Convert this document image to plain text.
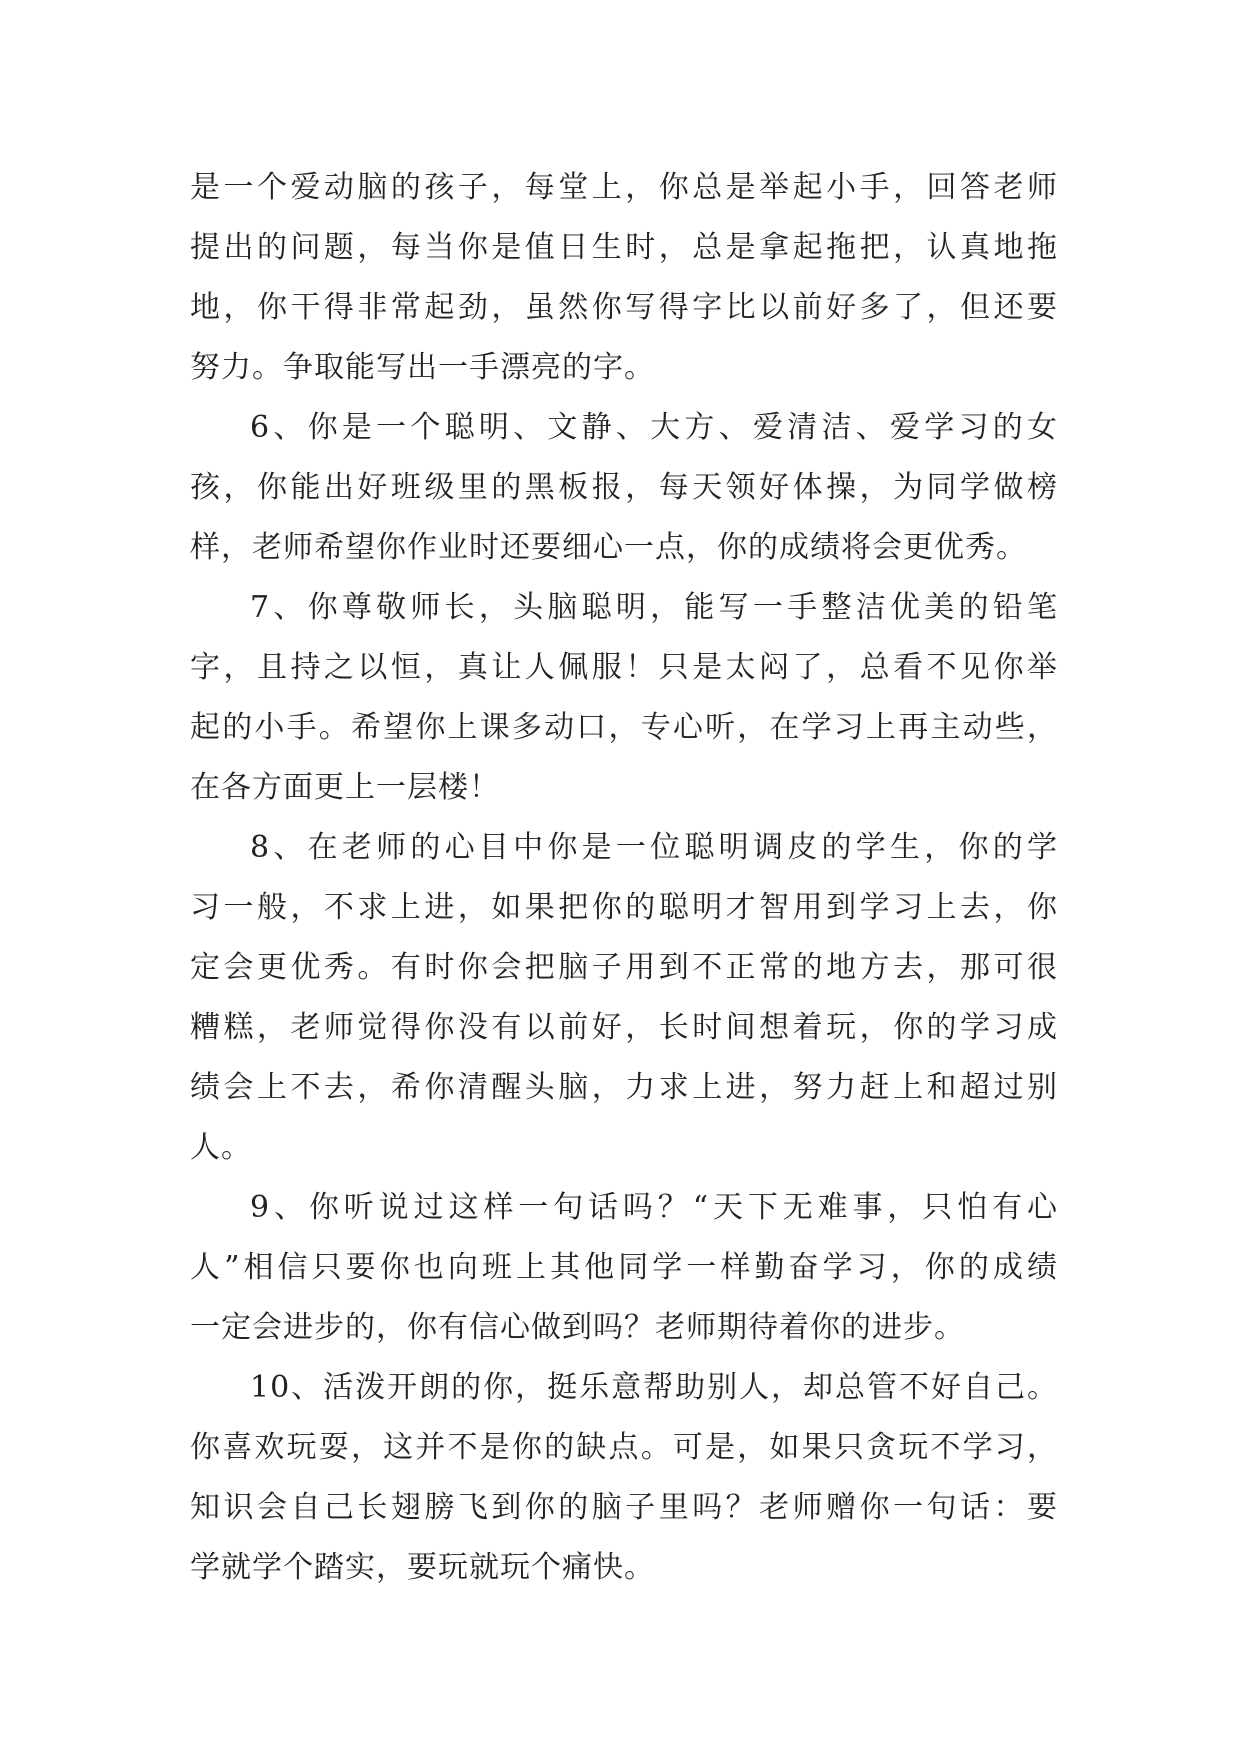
是一个爱动脑的孩子，每堂上，你总是举起小手，回答老师
提出的问题，每当你是值日生时，总是拿起拖把，认真地拖
地，你干得非常起劲，虽然你写得字比以前好多了，但还要
努力。争取能写出一手漂亮的字。
6、你是一个聪明、文静、大方、爱清洁、爱学习的女
孩，你能出好班级里的黑板报，每天领好体操，为同学做榜
样，老师希望你作业时还要细心一点，你的成绩将会更优秀。
7、你尊敬师长，头脑聪明，能写一手整洁优美的铅笔
字，且持之以恒，真让人佩服！只是太闷了，总看不见你举
起的小手。希望你上课多动口，专心听，在学习上再主动些，
在各方面更上一层楼！
8、在老师的心目中你是一位聪明调皮的学生，你的学
习一般，不求上进，如果把你的聪明才智用到学习上去，你
定会更优秀。有时你会把脑子用到不正常的地方去，那可很
糟糕，老师觉得你没有以前好，长时间想着玩，你的学习成
绩会上不去，希你清醒头脑，力求上进，努力赶上和超过别
人。
9、你听说过这样一句话吗？“天下无难事，只怕有心
人”相信只要你也向班上其他同学一样勤奋学习，你的成绩
一定会进步的，你有信心做到吗？老师期待着你的进步。
10、活泼开朗的你，挺乐意帮助别人，却总管不好自己。
你喜欢玩耍，这并不是你的缺点。可是，如果只贪玩不学习，
知识会自己长翅膀飞到你的脑子里吗？老师赠你一句话：要
学就学个踏实，要玩就玩个痛快。
